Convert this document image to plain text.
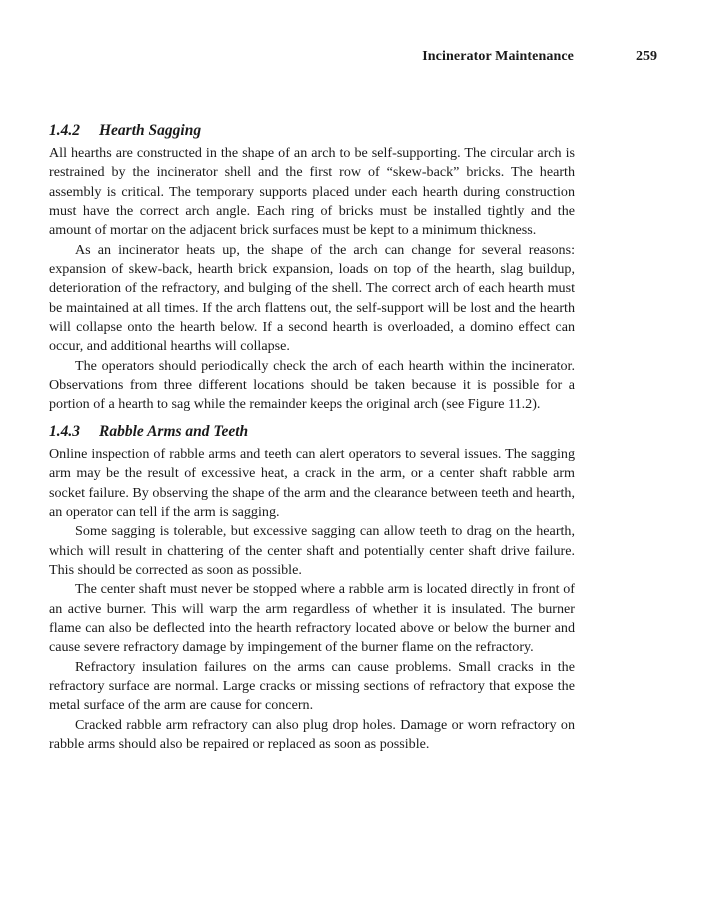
Incinerator Maintenance	259
1.4.2 Hearth Sagging

All hearths are constructed in the shape of an arch to be self-supporting. The circular arch is restrained by the incinerator shell and the first row of “skew-back” bricks. The hearth assembly is critical. The temporary supports placed under each hearth during construction must have the correct arch angle. Each ring of bricks must be installed tightly and the amount of mortar on the adjacent brick surfaces must be kept to a minimum thickness.

As an incinerator heats up, the shape of the arch can change for several reasons: expansion of skew-back, hearth brick expansion, loads on top of the hearth, slag buildup, deterioration of the refractory, and bulging of the shell. The correct arch of each hearth must be maintained at all times. If the arch flattens out, the self-support will be lost and the hearth will collapse onto the hearth below. If a second hearth is overloaded, a domino effect can occur, and additional hearths will collapse.

The operators should periodically check the arch of each hearth within the incinerator. Observations from three different locations should be taken because it is possible for a portion of a hearth to sag while the remainder keeps the original arch (see Figure 11.2).

1.4.3 Rabble Arms and Teeth

Online inspection of rabble arms and teeth can alert operators to several issues. The sagging arm may be the result of excessive heat, a crack in the arm, or a center shaft rabble arm socket failure. By observing the shape of the arm and the clearance between teeth and hearth, an operator can tell if the arm is sagging.

Some sagging is tolerable, but excessive sagging can allow teeth to drag on the hearth, which will result in chattering of the center shaft and potentially center shaft drive failure. This should be corrected as soon as possible.

The center shaft must never be stopped where a rabble arm is located directly in front of an active burner. This will warp the arm regardless of whether it is insulated. The burner flame can also be deflected into the hearth refractory located above or below the burner and cause severe refractory damage by impingement of the burner flame on the refractory.

Refractory insulation failures on the arms can cause problems. Small cracks in the refractory surface are normal. Large cracks or missing sections of refractory that expose the metal surface of the arm are cause for concern.

Cracked rabble arm refractory can also plug drop holes. Damage or worn refractory on rabble arms should also be repaired or replaced as soon as possible.
